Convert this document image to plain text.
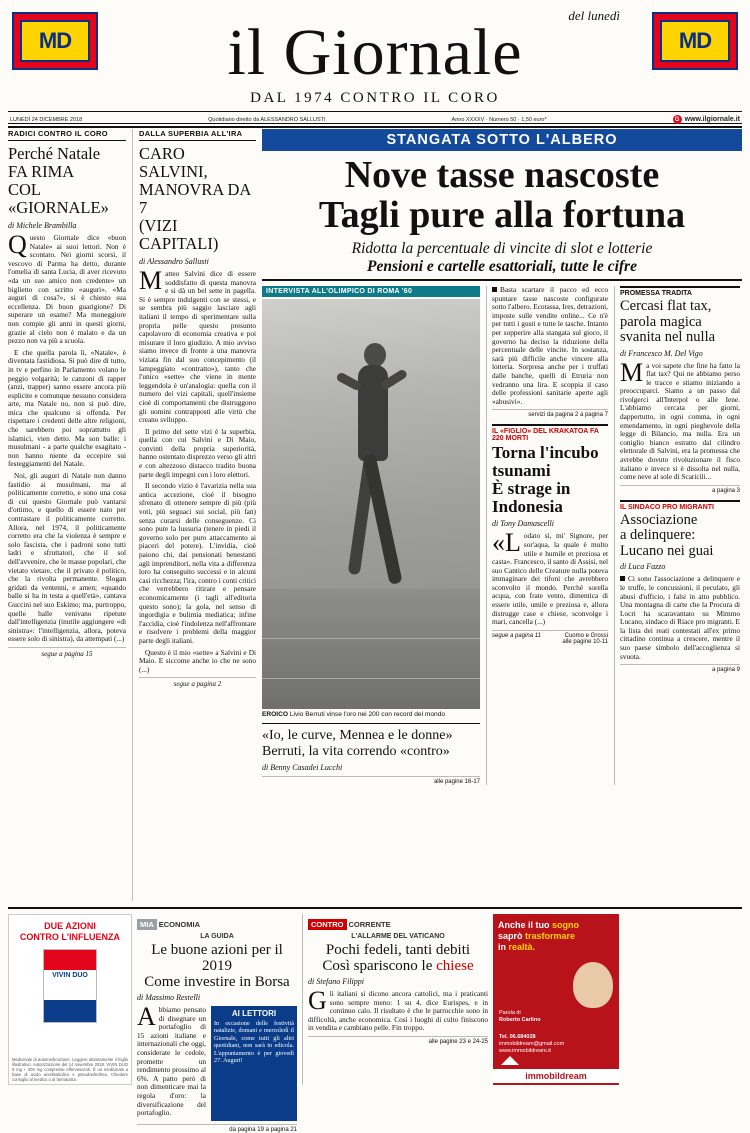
MD	MD
del lunedì
il Giornale
DAL 1974 CONTRO IL CORO
LUNEDÌ 24 DICEMBRE 2018	Quotidiano diretto da ALESSANDRO SALLUSTI	Anno XXXXV · Numero 50 · 1,50 euro*	G www.ilgiornale.it
RADICI CONTRO IL CORO
Perché Natale
FA RIMA
COL «GIORNALE»
di Michele Brambilla

Questo Giornale dice «buon Natale» ai suoi lettori. Non è scontato. Nei giorni scorsi, il vescovo di Parma ha detto, durante l'omelia di santa Lucia, di aver ricevuto «da un suo amico non credente» un biglietto con scritto «auguri». «Ma auguri di cosa?», si è chiesto sua eccellenza. Di buon guarigione? Di superare un esame? Ma moneggiore non compie gli anni in questi giorni, grazie al cielo non è malato e da un pezzo non va più a scuola.

E che quella parola lì, «Natale», è diventata fastidiosa. Si può dire di tutto, in tv e perfino in Parlamento volano le peggio volgarità; le canzoni di rapper (anzi, trapper) sanno essere ancora più esplicite e comunque nessuno considera arte, ma Natale no, non si può dire, mica che qualcuno si offenda. Per rispettare i credenti delle altre religioni, che sarebbero poi soprattutto gli islamici, vien detto. Ma son balle: i musulmani - a parte qualche esagitato - non hanno niente da eccepire sui festeggiamenti del Natale.

Noi, gli auguri di Natale non danno fastidio ai musulmani, ma al politicamente corretto, e sono una cosa di cui questo Giornale può vantarsi d'ottimo, e quello di essere nato per contrastare il politicamente corretto. Allora, nel 1974, il politicamente corretto era che la violenza è sempre e solo fascista, che i padroni sono tutti ladri e sfruttatori, che il sol dell'avvenire, che le masse popolari, che vietato vietare, che il privato è politico, che la rivolta permanente. Slogan gridati da ventenni, e amen; «quando balle si ha in testa a quell'età», cantava Guccini nel suo Eskimo; ma, purtroppo, quelle balle venivano ripetute dall'intelligenzia (inutile aggiungere «di sinistra»: l'intelligenzia, allora, poteva essere solo di sinistra), da attempati (...)

segue a pagina 15
DALLA SUPERBIA ALL'IRA
CARO SALVINI,
MANOVRA DA 7
(VIZI CAPITALI)
di Alessandro Sallusti

Matteo Salvini dice di essere soddisfatto di questa manovra e si dà un bel sette in pagella. Si è sempre indulgenti con se stessi, e se sembra più saggio lasciare agli italiani il tempo di sperimentare sulla propria pelle questo presunto capolavoro di economia creativa e poi misurare il loro giudizio. A mio avviso siamo invece di fronte a una manovra viziata fin dal suo concepimento (il lampeggiato «contratto»), tanto che l'unico «sette» che viene in mente leggendola è un'analogia: quella con il numero dei vizi capitali, quell'insieme cioè di comportamenti che distruggono gli uomini contrapposti alle virtù che creano sviluppo.

Il primo del sette vizi è la superbia, quella con cui Salvini e Di Maio, convinti della propria superiorità, hanno ostentato disprezzo verso gli altri e con altezzoso distacco tradito buona parte degli impegni con i loro elettori.

Il secondo vizio è l'avarizia nella sua antica accezione, cioè il bisogno sfrenato di ottenere sempre di più (più voti, più seguaci sui social, più fan) senza curarsi delle conseguenze. Ci sono pure la lussuria (tenere in piedi il governo solo per puro attaccamento ai piaceri del potere). L'invidia, cioè paiono chi, dai pensionati benestanti agli imprenditori, nella vita a differenza loro ha conseguito successi e in alcuni casi ricchezza; l'ira, contro i conti critici che verrebbero ritirare e pensare economicamente (i tagli all'editoria questo sono); la gola, nel senso di ingordigia e bulimia mediatica; infine l'accidia, cioè l'indolenza nell'affrontare e risolvere i problemi della maggior parte degli italiani.

Questo è il mio «sette» a Salvini e Di Maio. E siccome anche io che ne sono (...)

segue a pagina 2
STANGATA SOTTO L'ALBERO
Nove tasse nascoste
Tagli pure alla fortuna
Ridotta la percentuale di vincite di slot e lotterie
Pensioni e cartelle esattoriali, tutte le cifre
INTERVISTA ALL'OLIMPICO DI ROMA '60
EROICO Livio Berruti vinse l'oro nei 200 con record del mondo
«Io, le curve, Mennea e le donne»
Berruti, la vita correndo «contro»
di Benny Casadei Lucchi
alle pagine 16-17

Basta scartare il pacco ed ecco spuntare tasse nascoste configurate sotto l'albero. Ecotassa, Ires, detrazioni, imposte sulle vendite online... Ce n'è per tutti i gusti e tutte le tasche. Intanto per sopperire alla stangata sul gioco, il governo ha deciso la riduzione della percentuale delle vincite. In sostanza, sarà più difficile anche vincere alla lotteria. Sorpresa anche per i truffati dalle banche, quelli di Etruria non vedranno una lira. E scoppia il caso delle professioni sanitarie aperte agli «abusivi».

servizi da pagina 2 a pagina 7
IL «FIGLIO» DEL KRAKATOA FA 220 MORTI
Torna l'incubo tsunami
È strage in Indonesia
di Tony Damascelli

«Lodato sì, mi' Signore, per sor'aqua, la quale è multo utile e humile et preziosa et casta». Francesco, il santo di Assisi, nel suo Cantico delle Creature nulla poteva immaginare dei tifoni che avrebbero sconvolto il mondo. Perché sorella acqua, con frate vento, dimentica di essere utile, umile e preziosa e, allora distrugge case e chiese, sconvolge i mari, cancella (...)

segue a pagina 11	Cuomo e Grossi
alle pagine 10-11
PROMESSA TRADITA
Cercasi flat tax,
parola magica
svanita nel nulla
di Francesco M. Del Vigo

Ma voi sapete che fine ha fatto la flat tax? Qui ne abbiamo perso le tracce e stiamo iniziando a preoccuparci. Siamo a un passo dal rivolgerci all'Interpol o alle Iene. L'abbiamo cercata per giorni, dappertutto, in ogni comma, in ogni emendamento, in ogni pieghevole della legge di Bilancio, ma nulla. Era un coniglio bianco estratto dal cilindro elettorale di Salvini, era la promessa che avrebbe dovuto rivoluzionare il fisco italiano e invece si è dissolta nel nulla, come neve al sole di Scaricili...

a pagina 3
IL SINDACO PRO MIGRANTI
Associazione
a delinquere:
Lucano nei guai
di Luca Fazzo

Ci sono l'associazione a delinquere e le truffe, le concussioni, il peculato, gli abusi d'ufficio, i falsi in atto pubblico. Una montagna di carte che la Procura di Locri ha scaravantato su Mimmo Lucano, sindaco di Riace pro migranti. E la lista dei reati contestati all'ex primo cittadino continua a crescere, mentre il suo paese simbolo dell'accoglienza si svuota.

a pagina 9
DUE AZIONI
CONTRO L'INFLUENZA
VIVIN DUO
Medicinale di automedicazione. Leggere attentamente il foglio illustrativo. Autorizzazione del 14 novembre 2018. VIVIN DUO 5 mg + 200 mg compresse effervescenti. È un medicinale a base di acido acetilsalicilico e pseudoefedrina. Chiedere consiglio al medico o al farmacista.
MIA ECONOMIA
LA GUIDA
Le buone azioni per il 2019
Come investire in Borsa
di Massimo Restelli

Abbiamo pensato di disegnare un portafoglio di 15 azioni italiane e internazionali che oggi, considerate le cedole, promette un rendimento prossimo al 6%. A patto però di non dimenticare mai la regola d'oro: la diversificazione del portafoglio.

AI LETTORI
In occasione delle festività natalizie, domani e mercoledì il Giornale, come tutti gli altri quotidiani, non sarà in edicola. L'appuntamento è per giovedì 27. Auguri!
da pagina 19 a pagina 21
CONTRO CORRENTE
L'ALLARME DEL VATICANO
Pochi fedeli, tanti debiti
Così spariscono le chiese
di Stefano Filippi

Gli italiani si dicono ancora cattolici, ma i praticanti sono sempre meno: 1 su 4, dice Eurispes, e in continuo calo. Il risultato è che le parrocchie sono in difficoltà, anche economica. Così i luoghi di culto finiscono in vendita e cambiano pelle. Fin troppo.

alle pagine 23 e 24-25
Anche il tuo sogno
saprò trasformare
in realtà.
Parola di
Roberto Carlino
Tel. 06.684028
immobildream@gmail.com
www.immobildream.it
immobildream
